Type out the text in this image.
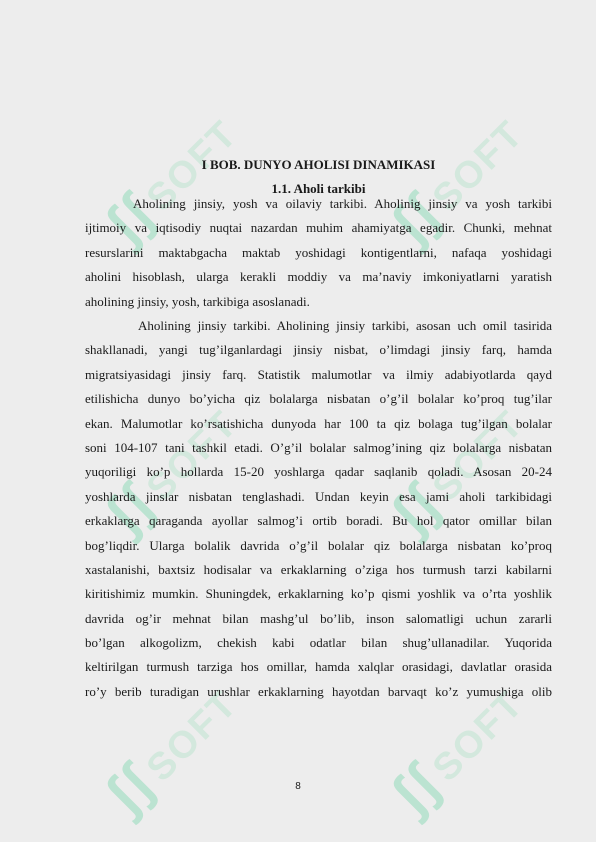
ʃʃSOFT ʃʃSOFT
ʃʃSOFT ʃʃSOFT
ʃʃSOFT ʃʃSOFT
I BOB. DUNYO AHOLISI DINAMIKASI
1.1. Aholi tarkibi
Aholining jinsiy, yosh va oilaviy tarkibi. Aholinig jinsiy va yosh tarkibi
ijtimoiy va iqtisodiy nuqtai nazardan muhim ahamiyatga egadir. Chunki, mehnat
resurslarini maktabgacha maktab yoshidagi kontigentlarni, nafaqa yoshidagi
aholini hisoblash, ularga kerakli moddiy va ma’naviy imkoniyatlarni yaratish
aholining jinsiy, yosh, tarkibiga asoslanadi.
Aholining jinsiy tarkibi. Aholining jinsiy tarkibi, asosan uch omil tasirida
shakllanadi, yangi tug’ilganlardagi jinsiy nisbat, o’limdagi jinsiy farq, hamda
migratsiyasidagi jinsiy farq. Statistik malumotlar va ilmiy adabiyotlarda qayd
etilishicha dunyo bo’yicha qiz bolalarga nisbatan o’g’il bolalar ko’proq tug’ilar
ekan. Malumotlar ko’rsatishicha dunyoda har 100 ta qiz bolaga tug’ilgan bolalar
soni 104-107 tani tashkil etadi. O’g’il bolalar salmog’ining qiz bolalarga nisbatan
yuqoriligi ko’p hollarda 15-20 yoshlarga qadar saqlanib qoladi. Asosan 20-24
yoshlarda jinslar nisbatan tenglashadi. Undan keyin esa jami aholi tarkibidagi
erkaklarga qaraganda ayollar salmog’i ortib boradi. Bu hol qator omillar bilan
bog’liqdir. Ularga bolalik davrida o’g’il bolalar qiz bolalarga nisbatan ko’proq
xastalanishi, baxtsiz hodisalar va erkaklarning o’ziga hos turmush tarzi kabilarni
kiritishimiz mumkin. Shuningdek, erkaklarning ko’p qismi yoshlik va o’rta yoshlik
davrida og’ir mehnat bilan mashg’ul bo’lib, inson salomatligi uchun zararli
bo’lgan alkogolizm, chekish kabi odatlar bilan shug’ullanadilar. Yuqorida
keltirilgan turmush tarziga hos omillar, hamda xalqlar orasidagi, davlatlar orasida
ro’y berib turadigan urushlar erkaklarning hayotdan barvaqt ko’z yumushiga olib
8
